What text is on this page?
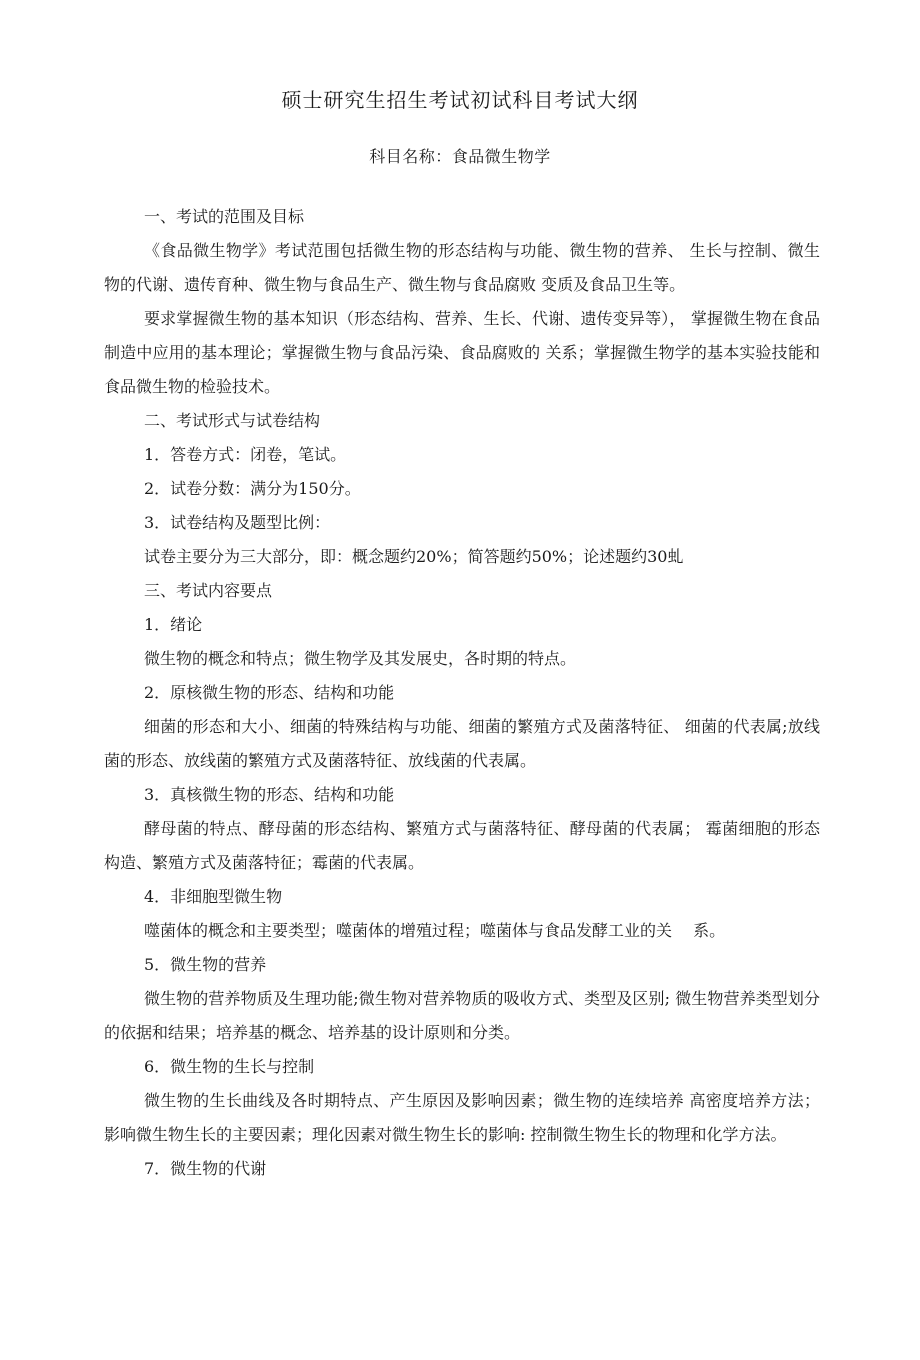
硕士研究生招生考试初试科目考试大纲
科目名称：食品微生物学

一、考试的范围及目标

《食品微生物学》考试范围包括微生物的形态结构与功能、微生物的营养、 生长与控制、微生物的代谢、遗传育种、微生物与食品生产、微生物与食品腐败 变质及食品卫生等。

要求掌握微生物的基本知识（形态结构、营养、生长、代谢、遗传变异等）， 掌握微生物在食品制造中应用的基本理论；掌握微生物与食品污染、食品腐败的 关系；掌握微生物学的基本实验技能和食品微生物的检验技术。

二、考试形式与试卷结构

1．答卷方式：闭卷，笔试。

2．试卷分数：满分为150分。

3．试卷结构及题型比例：

试卷主要分为三大部分，即：概念题约20%；简答题约50%；论述题约30虬

三、考试内容要点

1．绪论

微生物的概念和特点；微生物学及其发展史，各时期的特点。

2．原核微生物的形态、结构和功能

细菌的形态和大小、细菌的特殊结构与功能、细菌的繁殖方式及菌落特征、 细菌的代表属;放线菌的形态、放线菌的繁殖方式及菌落特征、放线菌的代表属。

3．真核微生物的形态、结构和功能

酵母菌的特点、酵母菌的形态结构、繁殖方式与菌落特征、酵母菌的代表属； 霉菌细胞的形态构造、繁殖方式及菌落特征；霉菌的代表属。

4．非细胞型微生物

噬菌体的概念和主要类型；噬菌体的增殖过程；噬菌体与食品发酵工业的关　 系。

5．微生物的营养

微生物的营养物质及生理功能;微生物对营养物质的吸收方式、类型及区别; 微生物营养类型划分的依据和结果；培养基的概念、培养基的设计原则和分类。

6．微生物的生长与控制

微生物的生长曲线及各时期特点、产生原因及影响因素；微生物的连续培养 高密度培养方法；影响微生物生长的主要因素；理化因素对微生物生长的影响: 控制微生物生长的物理和化学方法。

7．微生物的代谢
